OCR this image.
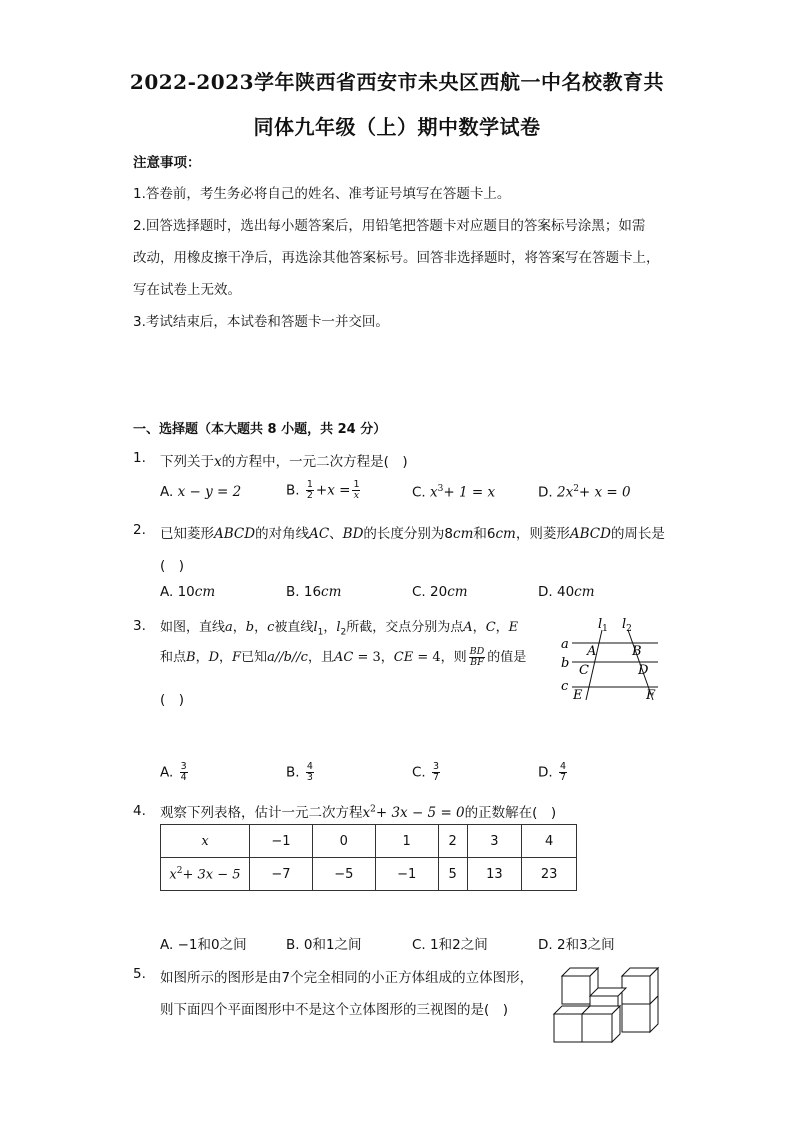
2022-2023学年陕西省西安市未央区西航一中名校教育共
同体九年级（上）期中数学试卷
注意事项：
1.答卷前，考生务必将自己的姓名、准考证号填写在答题卡上。
2.回答选择题时，选出每小题答案后，用铅笔把答题卡对应题目的答案标号涂黑；如需
改动，用橡皮擦干净后，再选涂其他答案标号。回答非选择题时，将答案写在答题卡上，
写在试卷上无效。
3.考试结束后，本试卷和答题卡一并交回。
一、选择题（本大题共 8 小题，共 24 分）
1. 下列关于x的方程中，一元二次方程是(　)
A. x − y = 2	B. $\frac{1}{2} +x = \frac{1}{x}$	C. $x^3+ 1 = x$	D. $2x^2+ x = 0$
2. 已知菱形ABCD的对角线AC、BD的长度分别为8cm和6cm，则菱形ABCD的周长是
(　)
A. 10cm	B. 16cm	C. 20cm	D. 40cm
3. 如图，直线a，b，c被直线$l_1$，$l_2$所截，交点分别为点A，C，E
和点B，D，F已知a//b//c，且AC = 3，CE = 4，则 $\frac{BD}{BF}$ 的值是
(　)
$l_1$ $l_2$
a
b
c
A	B
C	D
E	F
A. $\frac{3}{4}$	B. $\frac{4}{3}$	C. $\frac{3}{7}$	D. $\frac{4}{7}$
4. 观察下列表格，估计一元二次方程$x^2+ 3x - 5 = 0$的正数解在(　)
x	−1	0	1	2	3	4
$x^2+ 3x - 5$	−7	−5	−1	5	13	23
A. −1和0之间	B. 0和1之间	C. 1和2之间	D. 2和3之间
5. 如图所示的图形是由7个完全相同的小正方体组成的立体图形，
则下面四个平面图形中不是这个立体图形的三视图的是(　)
